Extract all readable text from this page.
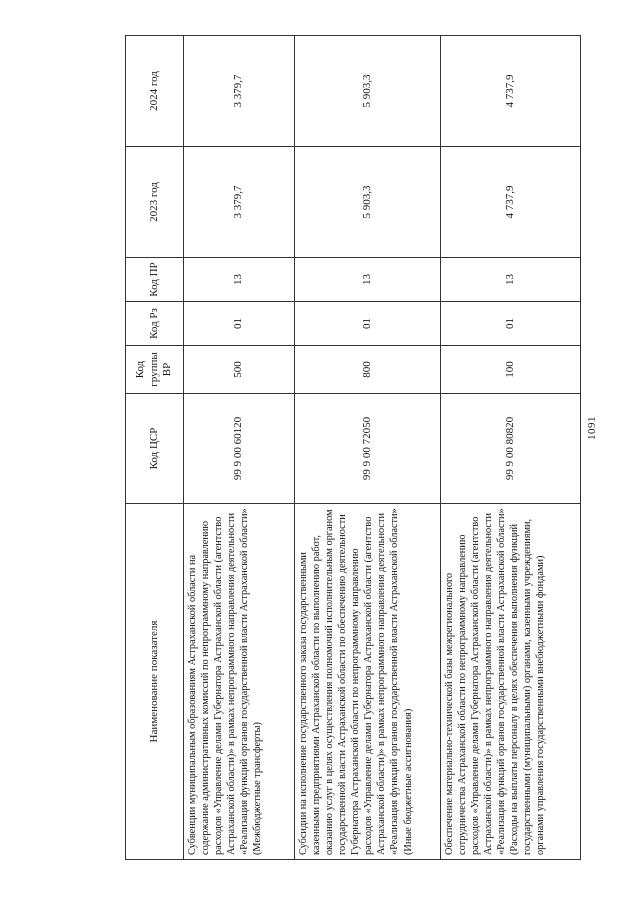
1091
Наименование показателя	Код ЦСР	Код группы ВР	Код Рз	Код ПР	2023 год	2024 год
Субвенции муниципальным образованиям Астраханской области на содержание административных комиссий по непрограммному направлению расходов «Управление делами Губернатора Астраханской области (агентство Астраханской области)» в рамках непрограммного направления деятельности «Реализация функций органов государственной власти Астраханской области» (Межбюджетные трансферты)	99 9 00 60120	500	01	13	3 379,7	3 379,7
Субсидии на исполнение государственного заказа государственными казенными предприятиями Астраханской области по выполнению работ, оказанию услуг в целях осуществления полномочий исполнительным органом государственной власти Астраханской области по обеспечению деятельности Губернатора Астраханской области по непрограммному направлению расходов «Управление делами Губернатора Астраханской области (агентство Астраханской области)» в рамках непрограммного направления деятельности «Реализация функций органов государственной власти Астраханской области» (Иные бюджетные ассигнования)	99 9 00 72050	800	01	13	5 903,3	5 903,3
Обеспечение материально-технической базы межрегионального сотрудничества Астраханской области по непрограммному направлению расходов «Управление делами Губернатора Астраханской области (агентство Астраханской области)» в рамках непрограммного направления деятельности «Реализация функций органов государственной власти Астраханской области» (Расходы на выплаты персоналу в целях обеспечения выполнения функций государственными (муниципальными) органами, казенными учреждениями, органами управления государственными внебюджетными фондами)	99 9 00 80820	100	01	13	4 737,9	4 737,9
